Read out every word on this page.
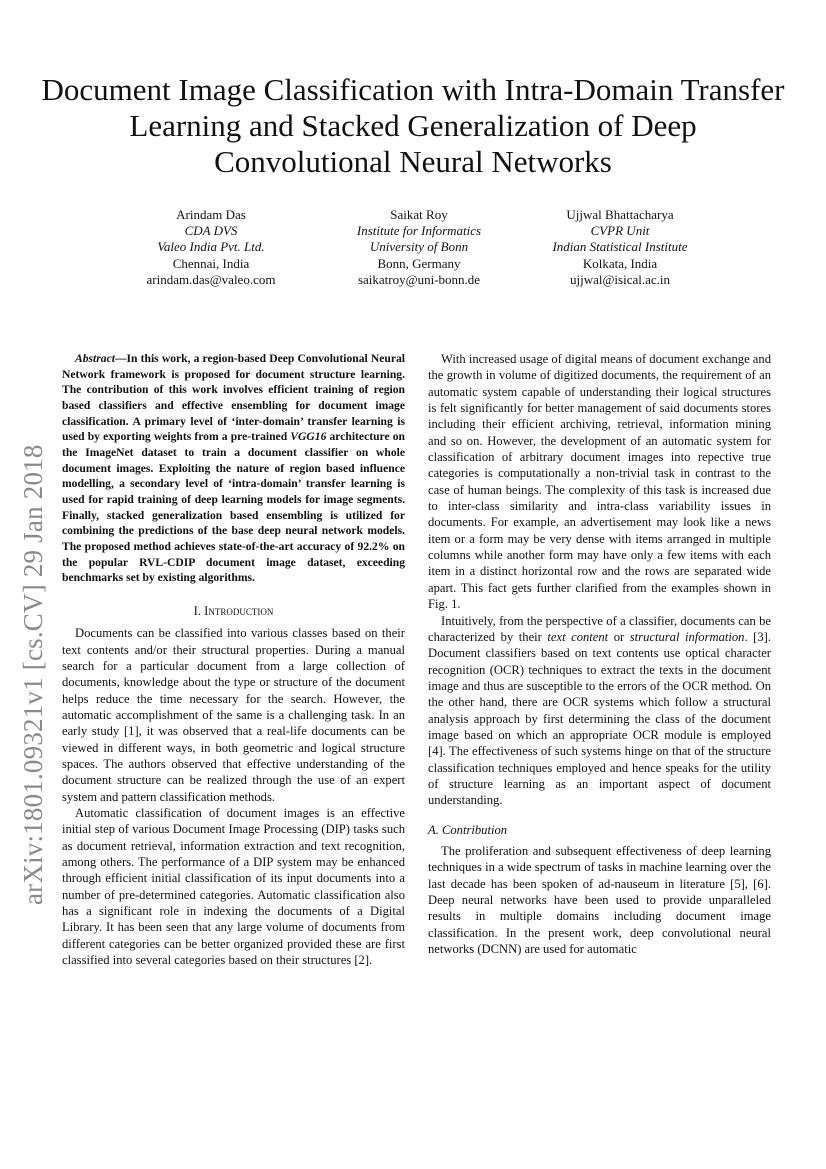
Document Image Classification with Intra-Domain Transfer Learning and Stacked Generalization of Deep Convolutional Neural Networks
Arindam Das
CDA DVS
Valeo India Pvt. Ltd.
Chennai, India
arindam.das@valeo.com
Saikat Roy
Institute for Informatics
University of Bonn
Bonn, Germany
saikatroy@uni-bonn.de
Ujjwal Bhattacharya
CVPR Unit
Indian Statistical Institute
Kolkata, India
ujjwal@isical.ac.in
arXiv:1801.09321v1 [cs.CV] 29 Jan 2018

Abstract—In this work, a region-based Deep Convolutional Neural Network framework is proposed for document structure learning. The contribution of this work involves efficient training of region based classifiers and effective ensembling for document image classification. A primary level of ‘inter-domain’ transfer learning is used by exporting weights from a pre-trained VGG16 architecture on the ImageNet dataset to train a document classifier on whole document images. Exploiting the nature of region based influence modelling, a secondary level of ‘intra-domain’ transfer learning is used for rapid training of deep learning models for image segments. Finally, stacked generalization based ensembling is utilized for combining the predictions of the base deep neural network models. The proposed method achieves state-of-the-art accuracy of 92.2% on the popular RVL-CDIP document image dataset, exceeding benchmarks set by existing algorithms.

I. Introduction

Documents can be classified into various classes based on their text contents and/or their structural properties. During a manual search for a particular document from a large collection of documents, knowledge about the type or structure of the document helps reduce the time necessary for the search. However, the automatic accomplishment of the same is a challenging task. In an early study [1], it was observed that a real-life documents can be viewed in different ways, in both geometric and logical structure spaces. The authors observed that effective understanding of the document structure can be realized through the use of an expert system and pattern classification methods.

Automatic classification of document images is an effective initial step of various Document Image Processing (DIP) tasks such as document retrieval, information extraction and text recognition, among others. The performance of a DIP system may be enhanced through efficient initial classification of its input documents into a number of pre-determined categories. Automatic classification also has a significant role in indexing the documents of a Digital Library. It has been seen that any large volume of documents from different categories can be better organized provided these are first classified into several categories based on their structures [2].

With increased usage of digital means of document exchange and the growth in volume of digitized documents, the requirement of an automatic system capable of understanding their logical structures is felt significantly for better management of said documents stores including their efficient archiving, retrieval, information mining and so on. However, the development of an automatic system for classification of arbitrary document images into repective true categories is computationally a non-trivial task in contrast to the case of human beings. The complexity of this task is increased due to inter-class similarity and intra-class variability issues in documents. For example, an advertisement may look like a news item or a form may be very dense with items arranged in multiple columns while another form may have only a few items with each item in a distinct horizontal row and the rows are separated wide apart. This fact gets further clarified from the examples shown in Fig. 1.

Intuitively, from the perspective of a classifier, documents can be characterized by their text content or structural information. [3]. Document classifiers based on text contents use optical character recognition (OCR) techniques to extract the texts in the document image and thus are susceptible to the errors of the OCR method. On the other hand, there are OCR systems which follow a structural analysis approach by first determining the class of the document image based on which an appropriate OCR module is employed [4]. The effectiveness of such systems hinge on that of the structure classification techniques employed and hence speaks for the utility of structure learning as an important aspect of document understanding.

A. Contribution

The proliferation and subsequent effectiveness of deep learning techniques in a wide spectrum of tasks in machine learning over the last decade has been spoken of ad-nauseum in literature [5], [6]. Deep neural networks have been used to provide unparalleled results in multiple domains including document image classification. In the present work, deep convolutional neural networks (DCNN) are used for automatic
